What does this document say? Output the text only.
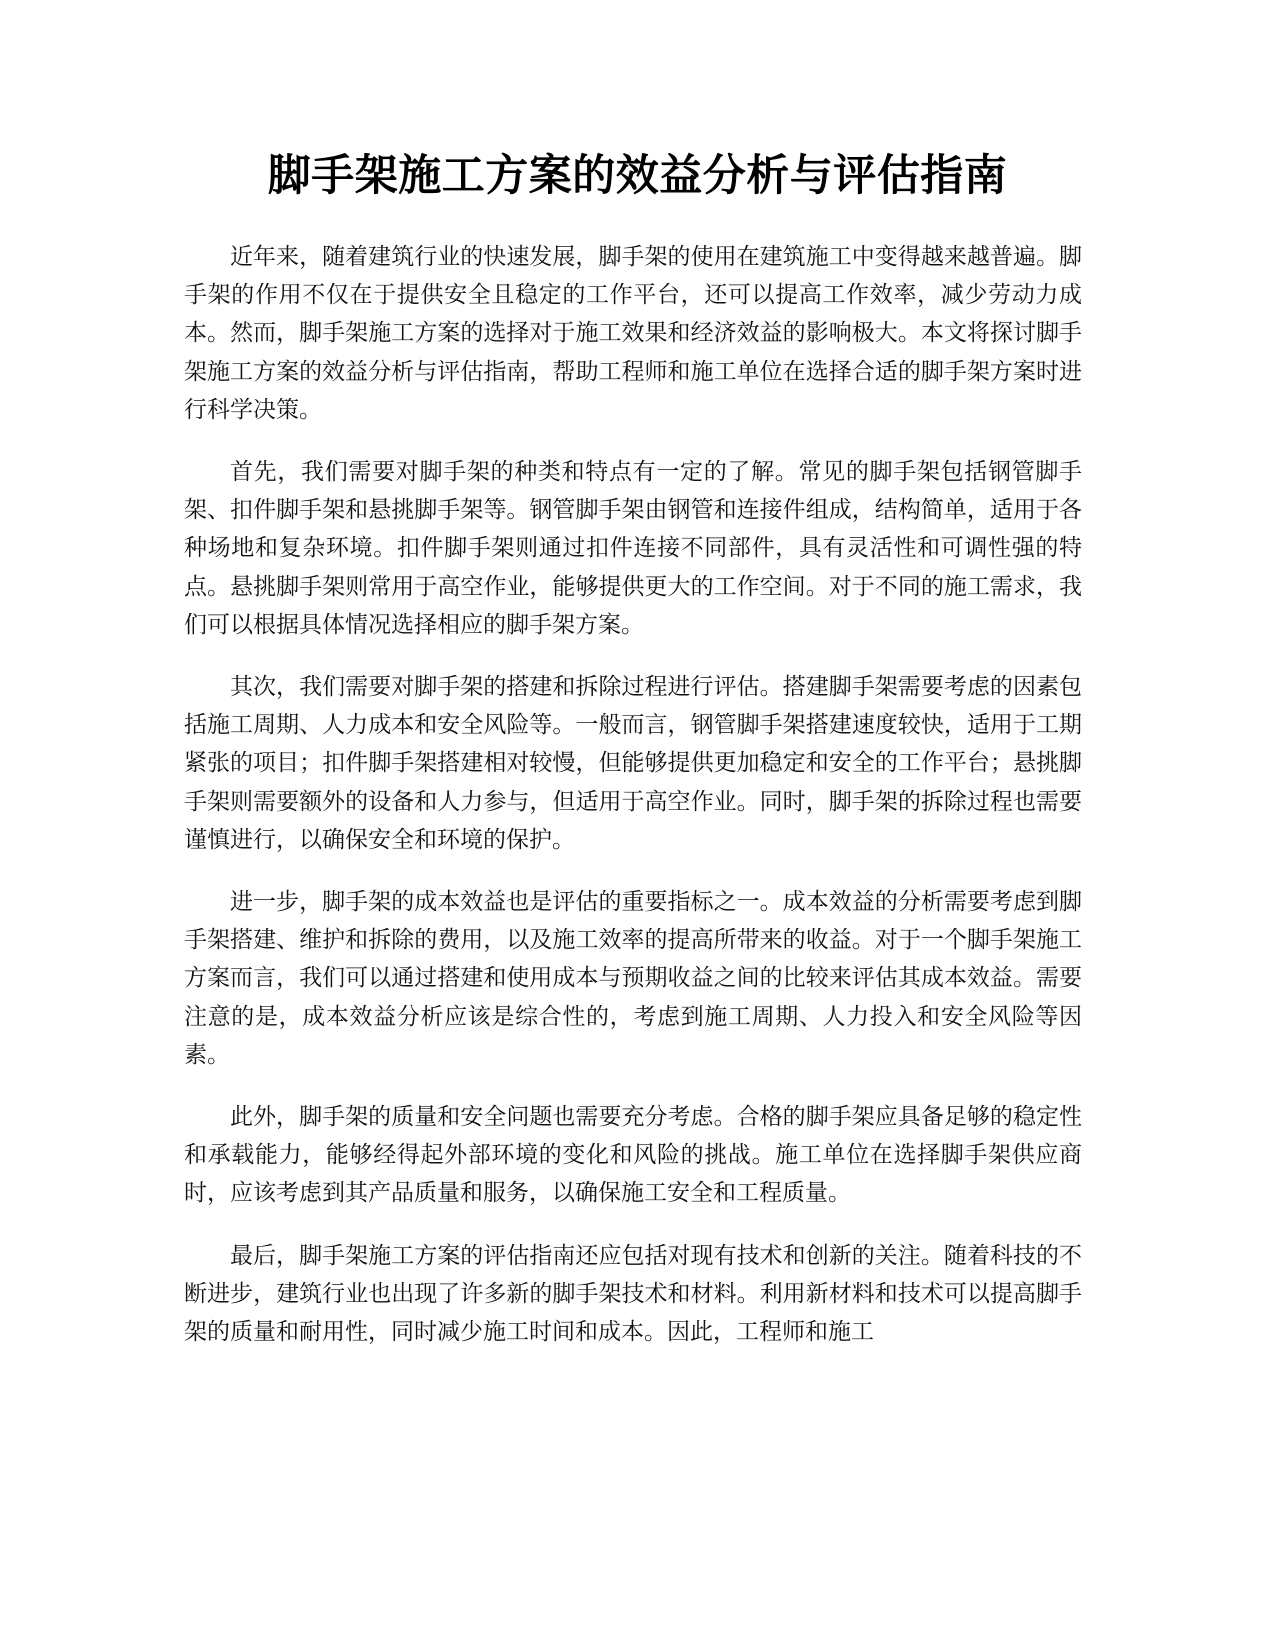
脚手架施工方案的效益分析与评估指南

近年来，随着建筑行业的快速发展，脚手架的使用在建筑施工中变得越来越普遍。脚手架的作用不仅在于提供安全且稳定的工作平台，还可以提高工作效率，减少劳动力成本。然而，脚手架施工方案的选择对于施工效果和经济效益的影响极大。本文将探讨脚手架施工方案的效益分析与评估指南，帮助工程师和施工单位在选择合适的脚手架方案时进行科学决策。

首先，我们需要对脚手架的种类和特点有一定的了解。常见的脚手架包括钢管脚手架、扣件脚手架和悬挑脚手架等。钢管脚手架由钢管和连接件组成，结构简单，适用于各种场地和复杂环境。扣件脚手架则通过扣件连接不同部件，具有灵活性和可调性强的特点。悬挑脚手架则常用于高空作业，能够提供更大的工作空间。对于不同的施工需求，我们可以根据具体情况选择相应的脚手架方案。

其次，我们需要对脚手架的搭建和拆除过程进行评估。搭建脚手架需要考虑的因素包括施工周期、人力成本和安全风险等。一般而言，钢管脚手架搭建速度较快，适用于工期紧张的项目；扣件脚手架搭建相对较慢，但能够提供更加稳定和安全的工作平台；悬挑脚手架则需要额外的设备和人力参与，但适用于高空作业。同时，脚手架的拆除过程也需要谨慎进行，以确保安全和环境的保护。

进一步，脚手架的成本效益也是评估的重要指标之一。成本效益的分析需要考虑到脚手架搭建、维护和拆除的费用，以及施工效率的提高所带来的收益。对于一个脚手架施工方案而言，我们可以通过搭建和使用成本与预期收益之间的比较来评估其成本效益。需要注意的是，成本效益分析应该是综合性的，考虑到施工周期、人力投入和安全风险等因素。

此外，脚手架的质量和安全问题也需要充分考虑。合格的脚手架应具备足够的稳定性和承载能力，能够经得起外部环境的变化和风险的挑战。施工单位在选择脚手架供应商时，应该考虑到其产品质量和服务，以确保施工安全和工程质量。

最后，脚手架施工方案的评估指南还应包括对现有技术和创新的关注。随着科技的不断进步，建筑行业也出现了许多新的脚手架技术和材料。利用新材料和技术可以提高脚手架的质量和耐用性，同时减少施工时间和成本。因此，工程师和施工
